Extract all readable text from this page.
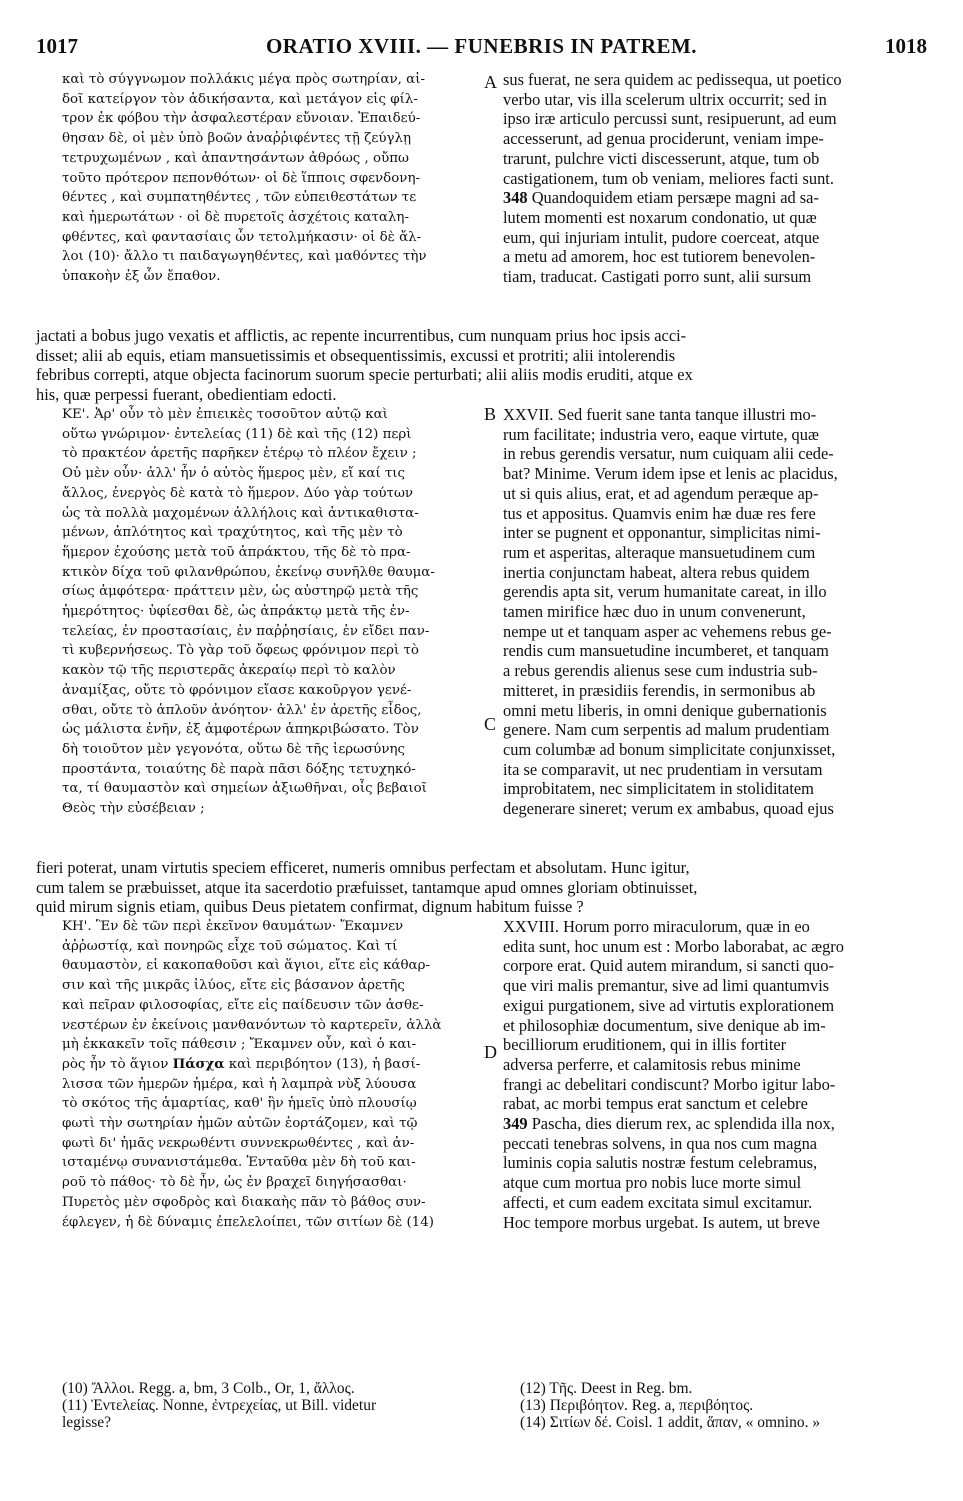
1017	ORATIO XVIII. — FUNEBRIS IN PATREM.	1018
A
B
C
D
καὶ τὸ σύγγνωμον πολλάκις μέγα πρὸς σωτηρίαν, αἰ-
δοῖ κατείργον τὸν ἀδικήσαντα, καὶ μετάγον εἰς φίλ-
τρον ἐκ φόβου τὴν ἀσφαλεστέραν εὔνοιαν. Ἐπαιδεύ-
θησαν δὲ, οἱ μὲν ὑπὸ βοῶν ἀναῤῥιφέντες τῇ ζεύγλῃ
τετρυχωμένων , καὶ ἀπαντησάντων ἀθρόως , οὔπω
τοῦτο πρότερον πεπονθότων· οἱ δὲ ἵπποις σφενδονη-
θέντες , καὶ συμπατηθέντες , τῶν εὐπειθεστάτων τε
καὶ ἡμερωτάτων · οἱ δὲ πυρετοῖς ἀσχέτοις καταλη-
φθέντες, καὶ φαντασίαις ὧν τετολμήκασιν· οἱ δὲ ἄλ-
λοι (10)· ἄλλο τι παιδαγωγηθέντες, καὶ μαθόντες τὴν
ὑπακοὴν ἐξ ὧν ἔπαθον.
sus fuerat, ne sera quidem ac pedissequa, ut poetico
verbo utar, vis illa scelerum ultrix occurrit; sed in
ipso iræ articulo percussi sunt, resipuerunt, ad eum
accesserunt, ad genua prociderunt, veniam impe-
trarunt, pulchre victi discesserunt, atque, tum ob
castigationem, tum ob veniam, meliores facti sunt.
348 Quandoquidem etiam persæpe magni ad sa-
lutem momenti est noxarum condonatio, ut quæ
eum, qui injuriam intulit, pudore coerceat, atque
a metu ad amorem, hoc est tutiorem benevolen-
tiam, traducat. Castigati porro sunt, alii sursum
jactati a bobus jugo vexatis et afflictis, ac repente incurrentibus, cum nunquam prius hoc ipsis acci-
disset; alii ab equis, etiam mansuetissimis et obsequentissimis, excussi et protriti; alii intolerendis
febribus correpti, atque objecta facinorum suorum specie perturbati; alii aliis modis eruditi, atque ex
his, quæ perpessi fuerant, obedientiam edocti.
ΚΕ'. Ἀρ' οὖν τὸ μὲν ἐπιεικὲς τοσοῦτον αὐτῷ καὶ
οὕτω γνώριμον· ἐντελείας (11) δὲ καὶ τῆς (12) περὶ
τὸ πρακτέον ἀρετῆς παρῆκεν ἑτέρῳ τὸ πλέον ἔχειν ;
Οὐ μὲν οὖν· ἀλλ' ἦν ὁ αὐτὸς ἥμερος μὲν, εἴ καί τις
ἄλλος, ἐνεργὸς δὲ κατὰ τὸ ἥμερον. Δύο γὰρ τούτων
ὡς τὰ πολλὰ μαχομένων ἀλλήλοις καὶ ἀντικαθιστα-
μένων, ἁπλότητος καὶ τραχύτητος, καὶ τῆς μὲν τὸ
ἥμερον ἐχούσης μετὰ τοῦ ἀπράκτου, τῆς δὲ τὸ πρα-
κτικὸν δίχα τοῦ φιλανθρώπου, ἐκείνῳ συνῆλθε θαυμα-
σίως ἀμφότερα· πράττειν μὲν, ὡς αὐστηρῷ μετὰ τῆς
ἡμερότητος· ὑφίεσθαι δὲ, ὡς ἀπράκτῳ μετὰ τῆς ἐν-
τελείας, ἐν προστασίαις, ἐν παῤῥησίαις, ἐν εἴδει παν-
τὶ κυβερνήσεως. Τὸ γὰρ τοῦ ὄφεως φρόνιμον περὶ τὸ
κακὸν τῷ τῆς περιστερᾶς ἀκεραίῳ περὶ τὸ καλὸν
ἀναμίξας, οὔτε τὸ φρόνιμον εἴασε κακοῦργον γενέ-
σθαι, οὔτε τὸ ἁπλοῦν ἀνόητον· ἀλλ' ἐν ἀρετῆς εἶδος,
ὡς μάλιστα ἐνῆν, ἐξ ἀμφοτέρων ἀπηκριβώσατο. Τὸν
δὴ τοιοῦτον μὲν γεγονότα, οὕτω δὲ τῆς ἱερωσύνης
προστάντα, τοιαύτης δὲ παρὰ πᾶσι δόξης τετυχηκό-
τα, τί θαυμαστὸν καὶ σημείων ἀξιωθῆναι, οἷς βεβαιοῖ
Θεὸς τὴν εὐσέβειαν ;
XXVII. Sed fuerit sane tanta tanque illustri mo-
rum facilitate; industria vero, eaque virtute, quæ
in rebus gerendis versatur, num cuiquam alii cede-
bat? Minime. Verum idem ipse et lenis ac placidus,
ut si quis alius, erat, et ad agendum peræque ap-
tus et appositus. Quamvis enim hæ duæ res fere
inter se pugnent et opponantur, simplicitas nimi-
rum et asperitas, alteraque mansuetudinem cum
inertia conjunctam habeat, altera rebus quidem
gerendis apta sit, verum humanitate careat, in illo
tamen mirifice hæc duo in unum convenerunt,
nempe ut et tanquam asper ac vehemens rebus ge-
rendis cum mansuetudine incumberet, et tanquam
a rebus gerendis alienus sese cum industria sub-
mitteret, in præsidiis ferendis, in sermonibus ab
omni metu liberis, in omni denique gubernationis
genere. Nam cum serpentis ad malum prudentiam
cum columbæ ad bonum simplicitate conjunxisset,
ita se comparavit, ut nec prudentiam in versutam
improbitatem, nec simplicitatem in stoliditatem
degenerare sineret; verum ex ambabus, quoad ejus
fieri poterat, unam virtutis speciem efficeret, numeris omnibus perfectam et absolutam. Hunc igitur,
cum talem se præbuisset, atque ita sacerdotio præfuisset, tantamque apud omnes gloriam obtinuisset,
quid mirum signis etiam, quibus Deus pietatem confirmat, dignum habitum fuisse ?
ΚΗ'. Ἓν δὲ τῶν περὶ ἐκεῖνον θαυμάτων· Ἔκαμνεν
ἀῤῥωστίᾳ, καὶ πονηρῶς εἶχε τοῦ σώματος. Καὶ τί
θαυμαστὸν, εἰ κακοπαθοῦσι καὶ ἅγιοι, εἴτε εἰς κάθαρ-
σιν καὶ τῆς μικρᾶς ἰλύος, εἴτε εἰς βάσανον ἀρετῆς
καὶ πεῖραν φιλοσοφίας, εἴτε εἰς παίδευσιν τῶν ἀσθε-
νεστέρων ἐν ἐκείνοις μανθανόντων τὸ καρτερεῖν, ἀλλὰ
μὴ ἐκκακεῖν τοῖς πάθεσιν ; Ἔκαμνεν οὖν, καὶ ὁ και-
ρὸς ἦν τὸ ἅγιον Πάσχα καὶ περιβόητον (13), ἡ βασί-
λισσα τῶν ἡμερῶν ἡμέρα, καὶ ἡ λαμπρὰ νὺξ λύουσα
τὸ σκότος τῆς ἁμαρτίας, καθ' ἣν ἡμεῖς ὑπὸ πλουσίῳ
φωτὶ τὴν σωτηρίαν ἡμῶν αὐτῶν ἑορτάζομεν, καὶ τῷ
φωτὶ δι' ἡμᾶς νεκρωθέντι συννεκρωθέντες , καὶ ἀν-
ισταμένῳ συνανιστάμεθα. Ἐνταῦθα μὲν δὴ τοῦ και-
ροῦ τὸ πάθος· τὸ δὲ ἦν, ὡς ἐν βραχεῖ διηγήσασθαι·
Πυρετὸς μὲν σφοδρὸς καὶ διακαὴς πᾶν τὸ βάθος συν-
έφλεγεν, ἡ δὲ δύναμις ἐπελελοίπει, τῶν σιτίων δὲ (14)
XXVIII. Horum porro miraculorum, quæ in eo
edita sunt, hoc unum est : Morbo laborabat, ac ægro
corpore erat. Quid autem mirandum, si sancti quo-
que viri malis premantur, sive ad limi quantumvis
exigui purgationem, sive ad virtutis explorationem
et philosophiæ documentum, sive denique ab im-
becilliorum eruditionem, qui in illis fortiter
adversa perferre, et calamitosis rebus minime
frangi ac debelitari condiscunt? Morbo igitur labo-
rabat, ac morbi tempus erat sanctum et celebre
349 Pascha, dies dierum rex, ac splendida illa nox,
peccati tenebras solvens, in qua nos cum magna
luminis copia salutis nostræ festum celebramus,
atque cum mortua pro nobis luce morte simul
affecti, et cum eadem excitata simul excitamur.
Hoc tempore morbus urgebat. Is autem, ut breve
(10) Ἄλλοι. Regg. a, bm, 3 Colb., Or, 1, ἄλλος.
(11) Ἐντελείας. Nonne, ἐντρεχείας, ut Bill. videtur
legisse?
(12) Τῆς. Deest in Reg. bm.
(13) Περιβόητον. Reg. a, περιβόητος.
(14) Σιτίων δέ. Coisl. 1 addit, ἅπαν, « omnino. »
